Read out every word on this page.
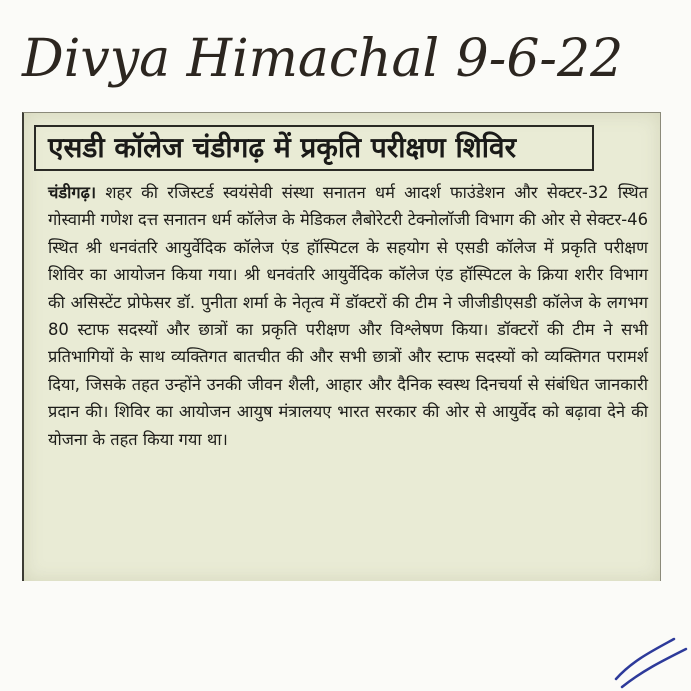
Divya Himachal 9-6-22
एसडी कॉलेज चंडीगढ़ में प्रकृति परीक्षण शिविर
चंडीगढ़। शहर की रजिस्टर्ड स्वयंसेवी संस्था सनातन धर्म आदर्श फाउंडेशन और सेक्टर-32 स्थित गोस्वामी गणेश दत्त सनातन धर्म कॉलेज के मेडिकल लैबोरेटरी टेक्नोलॉजी विभाग की ओर से सेक्टर-46 स्थित श्री धनवंतरि आयुर्वेदिक कॉलेज एंड हॉस्पिटल के सहयोग से एसडी कॉलेज में प्रकृति परीक्षण शिविर का आयोजन किया गया। श्री धनवंतरि आयुर्वेदिक कॉलेज एंड हॉस्पिटल के क्रिया शरीर विभाग की असिस्टेंट प्रोफेसर डॉ. पुनीता शर्मा के नेतृत्व में डॉक्टरों की टीम ने जीजीडीएसडी कॉलेज के लगभग 80 स्टाफ सदस्यों और छात्रों का प्रकृति परीक्षण और विश्लेषण किया। डॉक्टरों की टीम ने सभी प्रतिभागियों के साथ व्यक्तिगत बातचीत की और सभी छात्रों और स्टाफ सदस्यों को व्यक्तिगत परामर्श दिया, जिसके तहत उन्होंने उनकी जीवन शैली, आहार और दैनिक स्वस्थ दिनचर्या से संबंधित जानकारी प्रदान की। शिविर का आयोजन आयुष मंत्रालयए भारत सरकार की ओर से आयुर्वेद को बढ़ावा देने की योजना के तहत किया गया था।
